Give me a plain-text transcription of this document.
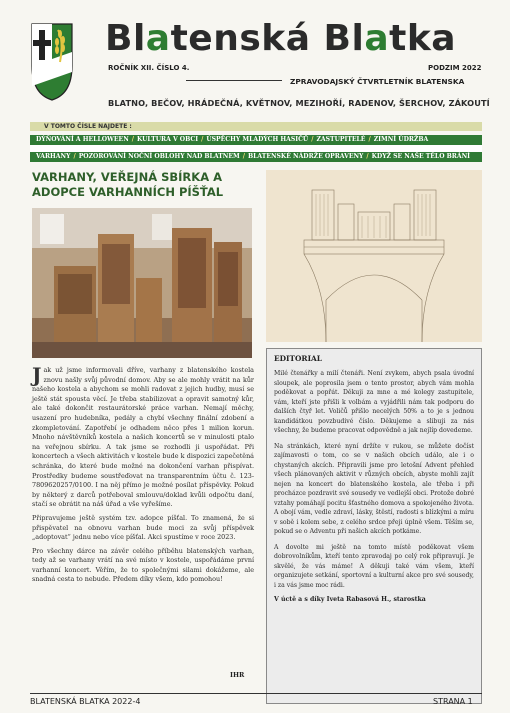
Blatenská Blatka
ROČNÍK XII. ČÍSLO 4.	PODZIM 2022
ZPRAVODAJSKÝ ČTVRTLETNÍK BLATENSKA
BLATNO, BEČOV, HRÁDEČNÁ, KVĚTNOV, MEZIHOŘÍ, RADENOV, ŠERCHOV, ZÁKOUTÍ
V TOMTO ČÍSLE NAJDETE :
DÝŇOVÁNÍ A HELLOWEEN / KULTURA V OBCI / ÚSPĚCHY MLADÝCH HASIČŮ / ZASTUPITELÉ / ZIMNÍ ÚDRŽBA
VARHANY / POZOROVÁNÍ NOČNÍ OBLOHY NAD BLATNEM / BLATENSKÉ NÁDRŽE OPRAVENY / KDYŽ SE NAŠE TĚLO BRÁNÍ
VARHANY, VEŘEJNÁ SBÍRKA A ADOPCE VARHANNÍCH PÍŠŤAL

Jak už jsme informovali dříve, varhany z blatenského kostela znovu našly svůj původní domov. Aby se ale mohly vrátit na kůr našeho kostela a abychom se mohli radovat z jejich hudby, musí se ještě stát spousta věcí. Je třeba stabilizovat a opravit samotný kůr, ale také dokončit restaurátorské práce varhan. Nemají měchy, usazení pro hudebníka, pedály a chybí všechny finální zdobení a zkompletování. Zapotřebí je odhadem něco přes 1 milion korun. Mnoho návštěvníků kostela a našich koncertů se v minulosti ptalo na veřejnou sbírku. A tak jsme se rozhodli ji uspořádat. Při koncertech a všech aktivitách v kostele bude k dispozici zapečetěná schránka, do které bude možné na dokončení varhan přispívat. Prostředky budeme soustřeďovat na transparentním účtu č. 123-7809620257/0100. I na něj přímo je možné posílat příspěvky. Pokud by některý z darců potřeboval smlouvu/doklad kvůli odpočtu daní, stačí se obrátit na náš úřad a vše vyřešíme.

Připravujeme ještě systém tzv. adopce píšťal. To znamená, že si přispěvatel na obnovu varhan bude moci za svůj příspěvek „adoptovat“ jednu nebo více píšťal. Akci spustíme v roce 2023.

Pro všechny dárce na závěr celého příběhu blatenských varhan, tedy až se varhany vrátí na své místo v kostele, uspořádáme první varhanní koncert. Věřím, že to společnými silami dokážeme, ale snadná cesta to nebude. Předem díky všem, kdo pomohou!

IHR
EDITORIAL

Milé čtenářky a milí čtenáři. Není zvykem, abych psala úvodní sloupek, ale poprosila jsem o tento prostor, abych vám mohla poděkovat a popřát. Děkuji za mne a mé kolegy zastupitele, vám, kteří jste přišli k volbám a vyjádřili nám tak podporu do dalších čtyř let. Voličů přišlo necelých 50% a to je s jednou kandidátkou povzbudivé číslo. Děkujeme a slibuji za nás všechny, že budeme pracovat odpovědně a jak nejlíp dovedeme.

Na stránkách, které nyní držíte v rukou, se můžete dočíst zajímavosti o tom, co se v našich obcích událo, ale i o chystaných akcích. Připravili jsme pro letošní Advent přehled všech plánovaných aktivit v různých obcích, abyste mohli zajít nejen na koncert do blatenského kostela, ale třeba i při procházce pozdravit své sousedy ve vedlejší obci. Protože dobré vztahy pomáhají pocitu šťastného domova a spokojeného života. A obojí vám, vedle zdraví, lásky, štěstí, radosti s blízkými a míru v sobě i kolem sebe, z celého srdce přeji úplně všem. Těším se, pokud se o Adventu při našich akcích potkáme.

A dovolte mi ještě na tomto místě poděkovat všem dobrovolníkům, kteří tento zpravodaj po celý rok připravují. Je skvělé, že vás máme! A děkuji také vám všem, kteří organizujete setkání, sportovní a kulturní akce pro své sousedy, i za vás jsme moc rádi.

V úctě a s díky Iveta Rabasová H., starostka
BLATENSKÁ BLATKA 2022-4	STRANA 1
